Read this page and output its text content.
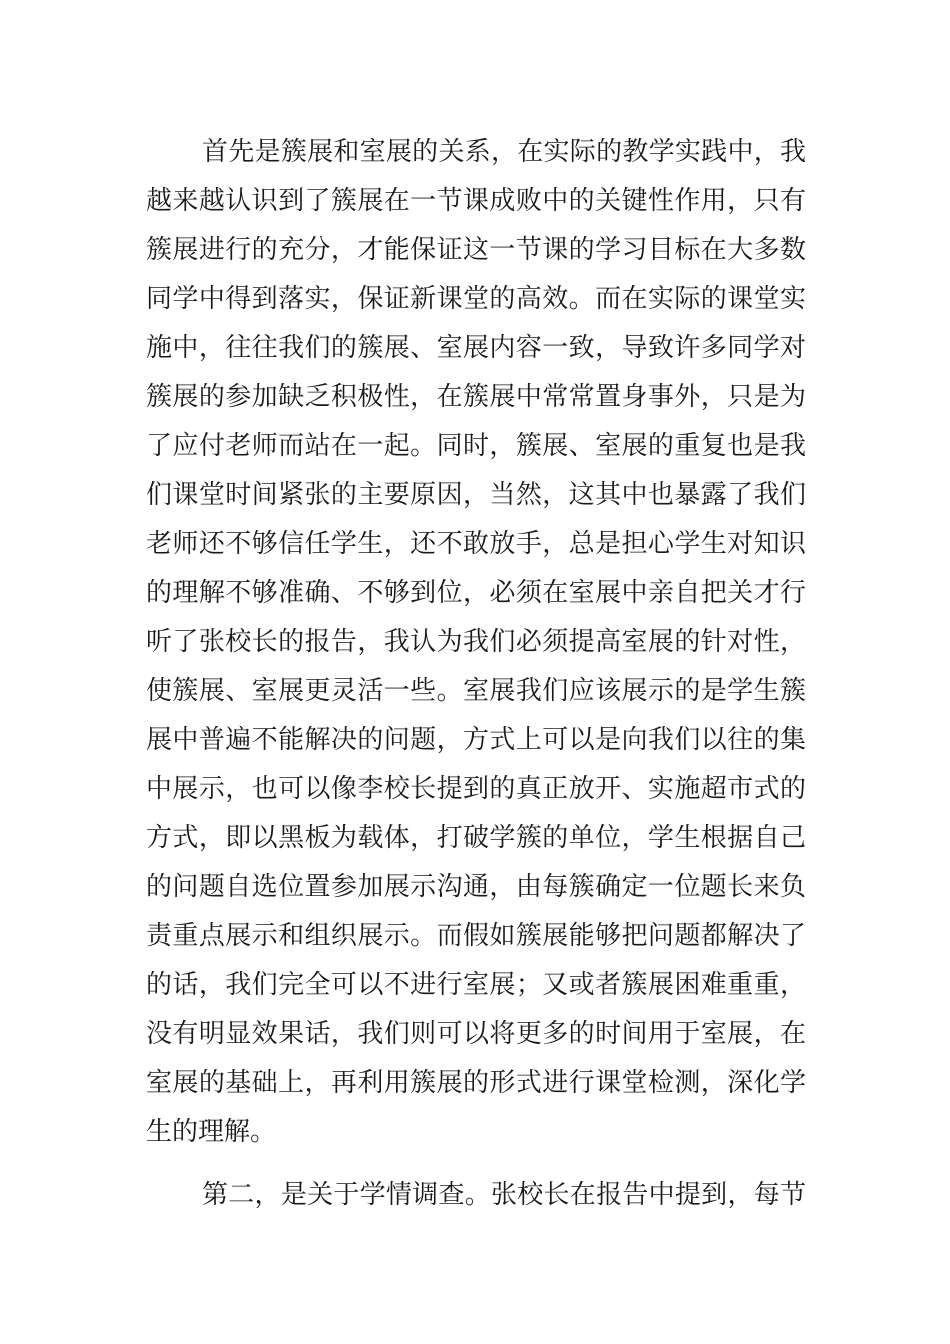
首先是簇展和室展的关系，在实际的教学实践中，我
越来越认识到了簇展在一节课成败中的关键性作用，只有
簇展进行的充分，才能保证这一节课的学习目标在大多数
同学中得到落实，保证新课堂的高效。而在实际的课堂实
施中，往往我们的簇展、室展内容一致，导致许多同学对
簇展的参加缺乏积极性，在簇展中常常置身事外，只是为
了应付老师而站在一起。同时，簇展、室展的重复也是我
们课堂时间紧张的主要原因，当然，这其中也暴露了我们
老师还不够信任学生，还不敢放手，总是担心学生对知识
的理解不够准确、不够到位，必须在室展中亲自把关才行
听了张校长的报告，我认为我们必须提高室展的针对性，
使簇展、室展更灵活一些。室展我们应该展示的是学生簇
展中普遍不能解决的问题，方式上可以是向我们以往的集
中展示，也可以像李校长提到的真正放开、实施超市式的
方式，即以黑板为载体，打破学簇的单位，学生根据自己
的问题自选位置参加展示沟通，由每簇确定一位题长来负
责重点展示和组织展示。而假如簇展能够把问题都解决了
的话，我们完全可以不进行室展；又或者簇展困难重重，
没有明显效果话，我们则可以将更多的时间用于室展，在
室展的基础上，再利用簇展的形式进行课堂检测，深化学
生的理解。
第二，是关于学情调查。张校长在报告中提到，每节
